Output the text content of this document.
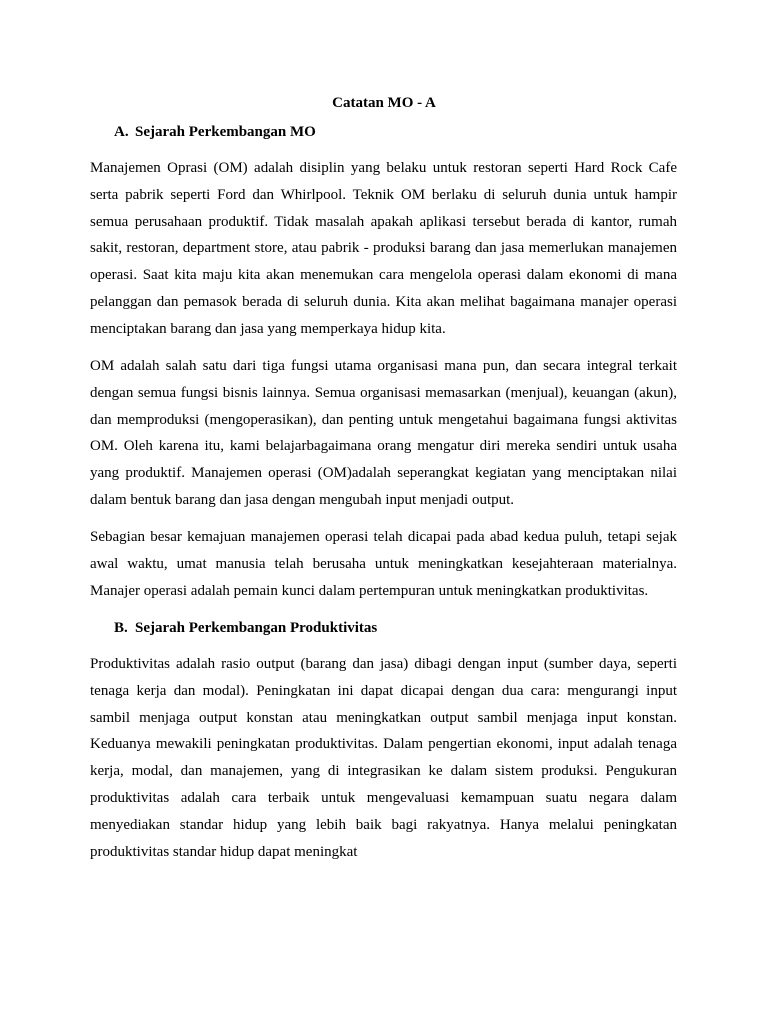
Catatan MO - A
A. Sejarah Perkembangan MO

Manajemen Oprasi (OM) adalah disiplin yang belaku untuk restoran seperti Hard Rock Cafe serta pabrik seperti Ford dan Whirlpool. Teknik OM berlaku di seluruh dunia untuk hampir semua perusahaan produktif. Tidak masalah apakah aplikasi tersebut berada di kantor, rumah sakit, restoran, department store, atau pabrik - produksi barang dan jasa memerlukan manajemen operasi. Saat kita maju kita akan menemukan cara mengelola operasi dalam ekonomi di mana pelanggan dan pemasok berada di seluruh dunia. Kita akan melihat bagaimana manajer operasi menciptakan barang dan jasa yang memperkaya hidup kita.

OM adalah salah satu dari tiga fungsi utama organisasi mana pun, dan secara integral terkait dengan semua fungsi bisnis lainnya. Semua organisasi memasarkan (menjual), keuangan (akun), dan memproduksi (mengoperasikan), dan penting untuk mengetahui bagaimana fungsi aktivitas OM. Oleh karena itu, kami belajarbagaimana orang mengatur diri mereka sendiri untuk usaha yang produktif. Manajemen operasi (OM)adalah seperangkat kegiatan yang menciptakan nilai dalam bentuk barang dan jasa dengan mengubah input menjadi output.

Sebagian besar kemajuan manajemen operasi telah dicapai pada abad kedua puluh, tetapi sejak awal waktu, umat manusia telah berusaha untuk meningkatkan kesejahteraan materialnya. Manajer operasi adalah pemain kunci dalam pertempuran untuk meningkatkan produktivitas.

B. Sejarah Perkembangan Produktivitas

Produktivitas adalah rasio output (barang dan jasa) dibagi dengan input (sumber daya, seperti tenaga kerja dan modal). Peningkatan ini dapat dicapai dengan dua cara: mengurangi input sambil menjaga output konstan atau meningkatkan output sambil menjaga input konstan. Keduanya mewakili peningkatan produktivitas. Dalam pengertian ekonomi, input adalah tenaga kerja, modal, dan manajemen, yang di integrasikan ke dalam sistem produksi. Pengukuran produktivitas adalah cara terbaik untuk mengevaluasi kemampuan suatu negara dalam menyediakan standar hidup yang lebih baik bagi rakyatnya. Hanya melalui peningkatan produktivitas standar hidup dapat meningkat
